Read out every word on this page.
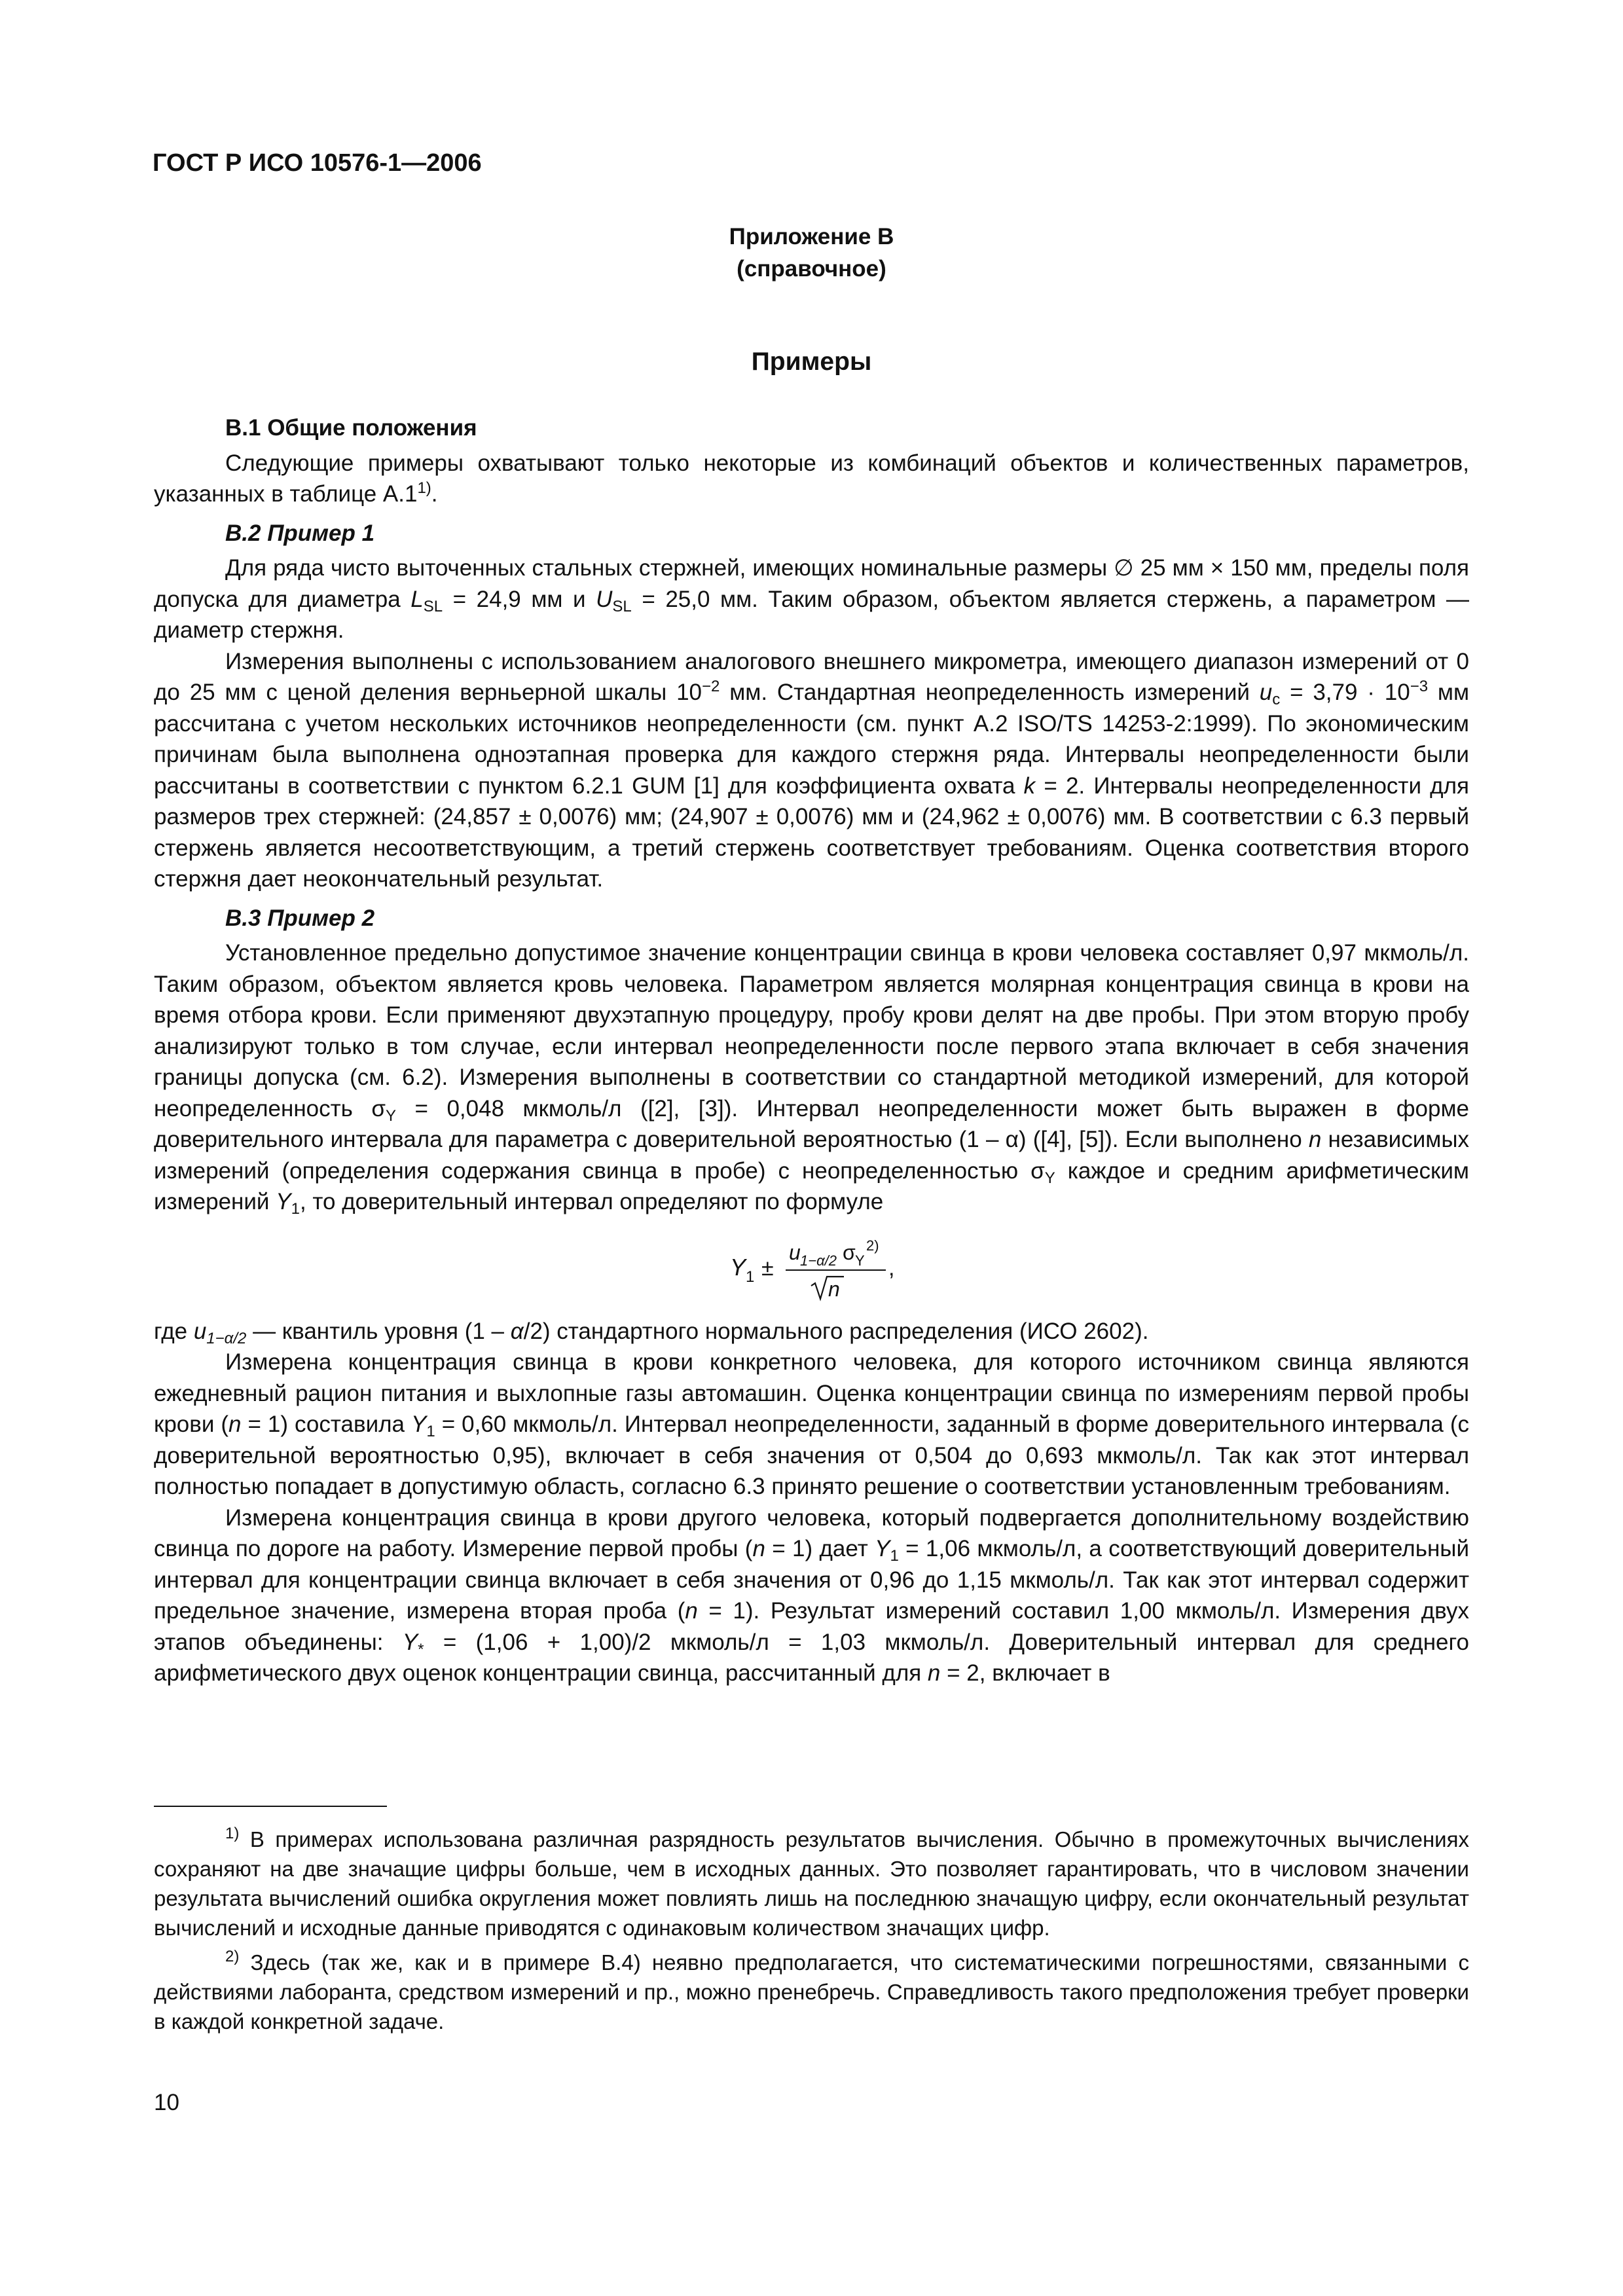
ГОСТ Р ИСО 10576-1—2006
Приложение В
(справочное)
Примеры
В.1 Общие положения

Следующие примеры охватывают только некоторые из комбинаций объектов и количественных параметров, указанных в таблице А.1$^{1)}$.

В.2 Пример 1

Для ряда чисто выточенных стальных стержней, имеющих номинальные размеры ∅ 25 мм × 150 мм, пределы поля допуска для диаметра $L_{SL} = 24,9$ мм и $U_{SL} = 25,0$ мм. Таким образом, объектом является стержень, а параметром — диаметр стержня.

Измерения выполнены с использованием аналогового внешнего микрометра, имеющего диапазон измерений от 0 до 25 мм с ценой деления верньерной шкалы $10^{-2}$ мм. Стандартная неопределенность измерений $u_c = 3,79 \cdot 10^{-3}$ мм рассчитана с учетом нескольких источников неопределенности (см. пункт А.2 ISO/TS 14253-2:1999). По экономическим причинам была выполнена одноэтапная проверка для каждого стержня ряда. Интервалы неопределенности были рассчитаны в соответствии с пунктом 6.2.1 GUM [1] для коэффициента охвата k = 2. Интервалы неопределенности для размеров трех стержней: (24,857 ± 0,0076) мм; (24,907 ± 0,0076) мм и (24,962 ± 0,0076) мм. В соответствии с 6.3 первый стержень является несоответствующим, а третий стержень соответствует требованиям. Оценка соответствия второго стержня дает неокончательный результат.

В.3 Пример 2

Установленное предельно допустимое значение концентрации свинца в крови человека составляет 0,97 мкмоль/л. Таким образом, объектом является кровь человека. Параметром является молярная концентрация свинца в крови на время отбора крови. Если применяют двухэтапную процедуру, пробу крови делят на две пробы. При этом вторую пробу анализируют только в том случае, если интервал неопределенности после первого этапа включает в себя значения границы допуска (см. 6.2). Измерения выполнены в соответствии со стандартной методикой измерений, для которой неопределенность $\sigma_Y = 0,048$ мкмоль/л ([2], [3]). Интервал неопределенности может быть выражен в форме доверительного интервала для параметра с доверительной вероятностью (1 – α) ([4], [5]). Если выполнено n независимых измерений (определения содержания свинца в пробе) с неопределенностью $\sigma_Y$ каждое и средним арифметическим измерений $Y_1$, то доверительный интервал определяют по формуле

Y 1 ±
u 1−α/2 σ Y
2)
n
,

где $u_{1-\alpha/2}$ — квантиль уровня (1 – α/2) стандартного нормального распределения (ИСО 2602).

Измерена концентрация свинца в крови конкретного человека, для которого источником свинца являются ежедневный рацион питания и выхлопные газы автомашин. Оценка концентрации свинца по измерениям первой пробы крови (n = 1) составила $Y_1 = 0,60$ мкмоль/л. Интервал неопределенности, заданный в форме доверительного интервала (с доверительной вероятностью 0,95), включает в себя значения от 0,504 до 0,693 мкмоль/л. Так как этот интервал полностью попадает в допустимую область, согласно 6.3 принято решение о соответствии установленным требованиям.

Измерена концентрация свинца в крови другого человека, который подвергается дополнительному воздействию свинца по дороге на работу. Измерение первой пробы (n = 1) дает $Y_1 = 1,06$ мкмоль/л, а соответствующий доверительный интервал для концентрации свинца включает в себя значения от 0,96 до 1,15 мкмоль/л. Так как этот интервал содержит предельное значение, измерена вторая проба (n = 1). Результат измерений составил 1,00 мкмоль/л. Измерения двух этапов объединены: $Y_* = (1,06 + 1,00)/2$ мкмоль/л = 1,03 мкмоль/л. Доверительный интервал для среднего арифметического двух оценок концентрации свинца, рассчитанный для n = 2, включает в

$^{1)}$ В примерах использована различная разрядность результатов вычисления. Обычно в промежуточных вычислениях сохраняют на две значащие цифры больше, чем в исходных данных. Это позволяет гарантировать, что в числовом значении результата вычислений ошибка округления может повлиять лишь на последнюю значащую цифру, если окончательный результат вычислений и исходные данные приводятся с одинаковым количеством значащих цифр.

$^{2)}$ Здесь (так же, как и в примере В.4) неявно предполагается, что систематическими погрешностями, связанными с действиями лаборанта, средством измерений и пр., можно пренебречь. Справедливость такого предположения требует проверки в каждой конкретной задаче.

10
